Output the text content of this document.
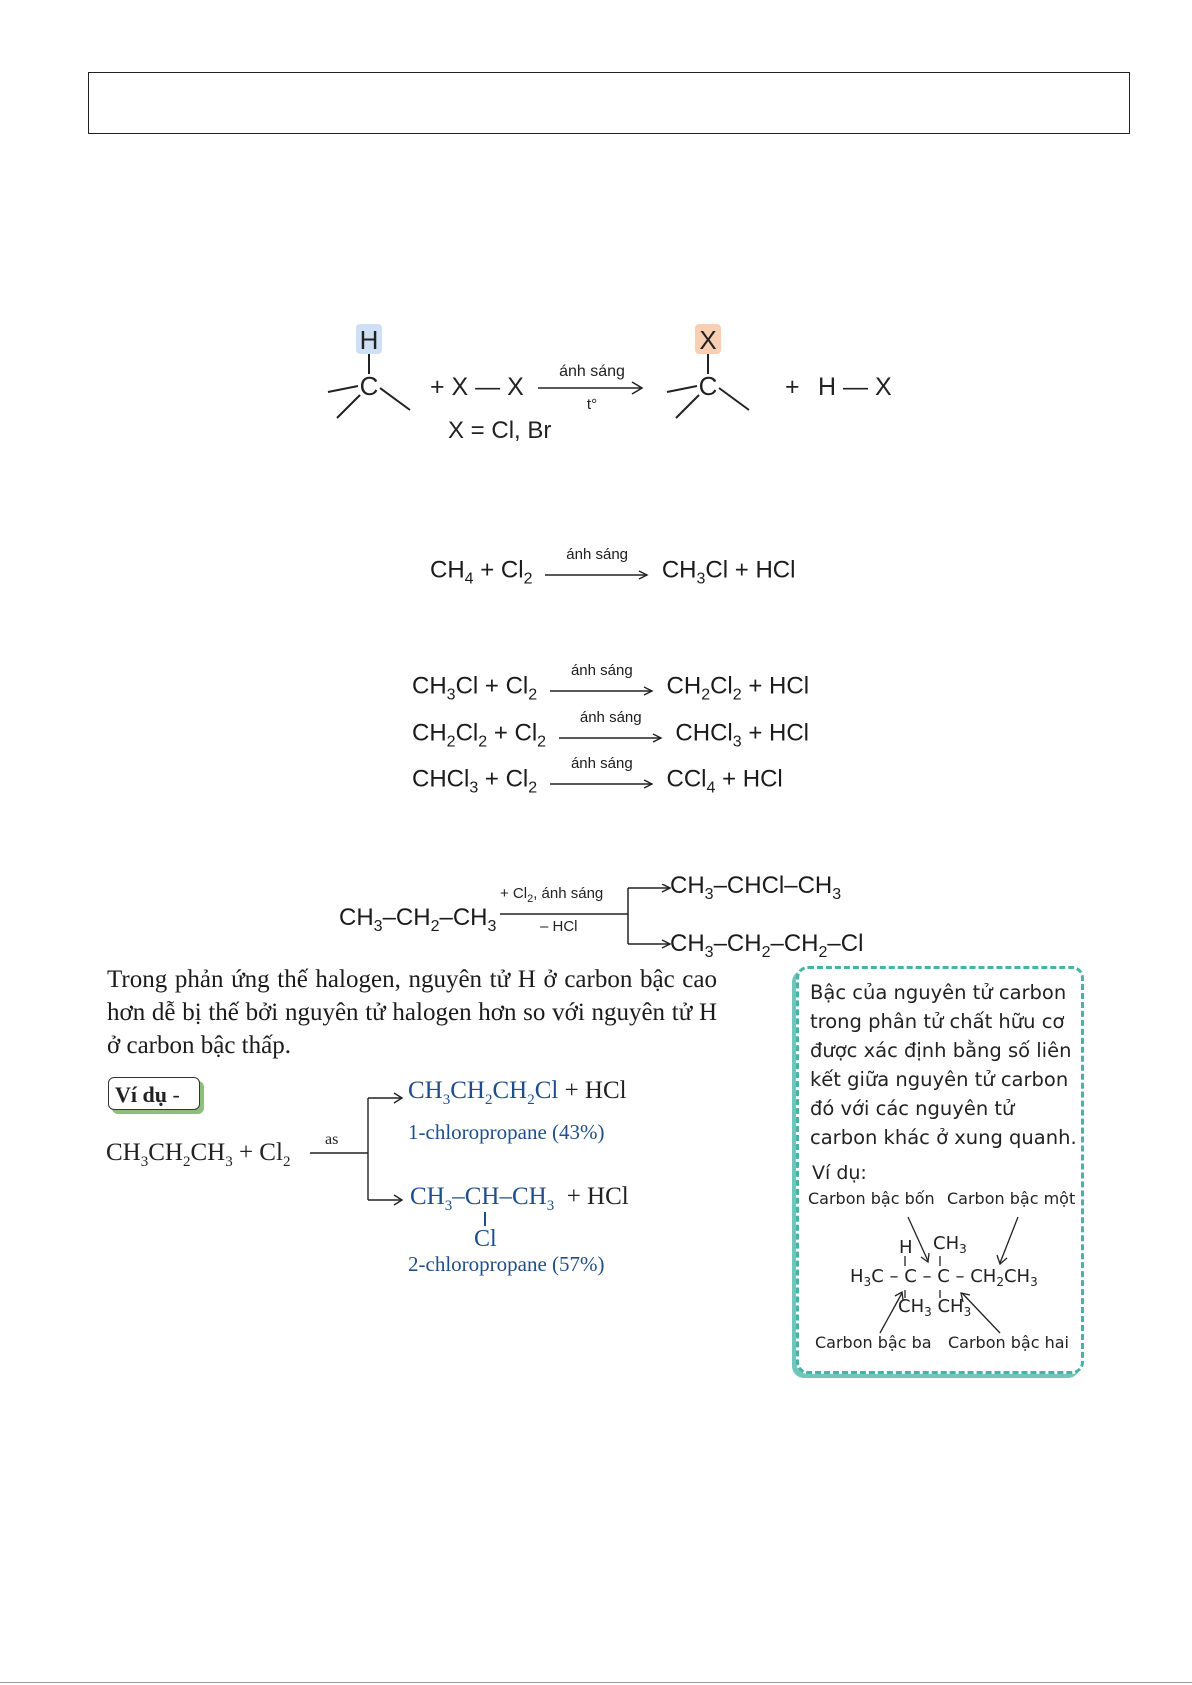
H
C + X — X
ánh sáng
t°
X
C	+ H — X
X = Cl, Br
$CH_4 + Cl_2$
ánh sáng
$CH_3Cl$ + HCl
$CH_3Cl + Cl_2$
ánh sáng
$CH_2Cl_2$ + HCl
$CH_2Cl_2 + Cl_2$
ánh sáng
CHCl$_3$ + HCl
CHCl$_3$ + $Cl_2$
ánh sáng
CCl$_4$ + HCl
$CH_3-CH_2-CH_3$
+ $Cl_2$, ánh sáng
– HCl
$CH_3-CHCl-CH_3$
$CH_3-CH_2-CH_2-Cl$
Trong phản ứng thế halogen, nguyên tử H ở carbon bậc cao hơn dễ bị thế bởi nguyên tử halogen hơn so với nguyên tử H ở carbon bậc thấp.
Ví dụ -
$CH_3CH_2CH_3 + Cl_2$
as
$CH_3CH_2CH_2Cl$ + HCl
1-chloropropane (43%)
$CH_3-CH-CH_3$ + HCl
Cl
2-chloropropane (57%)
Bậc của nguyên tử carbon trong phân tử chất hữu cơ được xác định bằng số liên kết giữa nguyên tử carbon đó với các nguyên tử carbon khác ở xung quanh.
Ví dụ:
Carbon bậc bốn Carbon bậc một
Carbon bậc ba Carbon bậc hai
H $CH_3$
$H_3C$ – C – C – $CH_2CH_3$
$CH_3$ $CH_3$
